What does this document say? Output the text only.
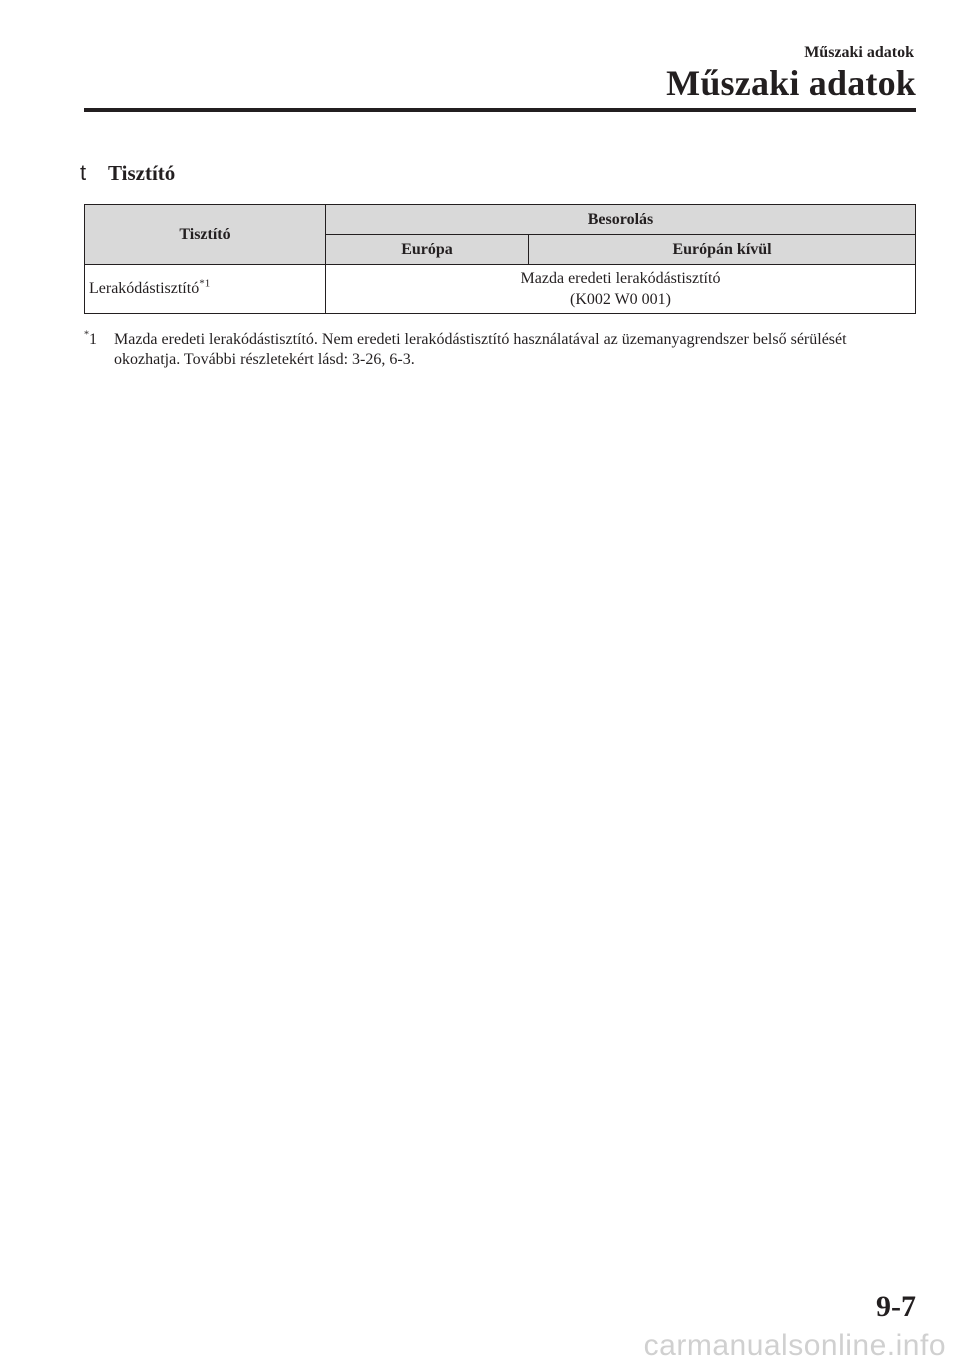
Műszaki adatok
Műszaki adatok
t	Tisztító
Tisztító	Besorolás	
	Európa	Európán kívül
Lerakódástisztító$^{*1}$	Mazda eredeti lerakódástisztító
(K002 W0 001)	
*1	Mazda eredeti lerakódástisztító. Nem eredeti lerakódástisztító használatával az üzemanyagrendszer belső sérülését okozhatja. További részletekért lásd: 3-26, 6-3.
9-7
carmanualsonline.info
